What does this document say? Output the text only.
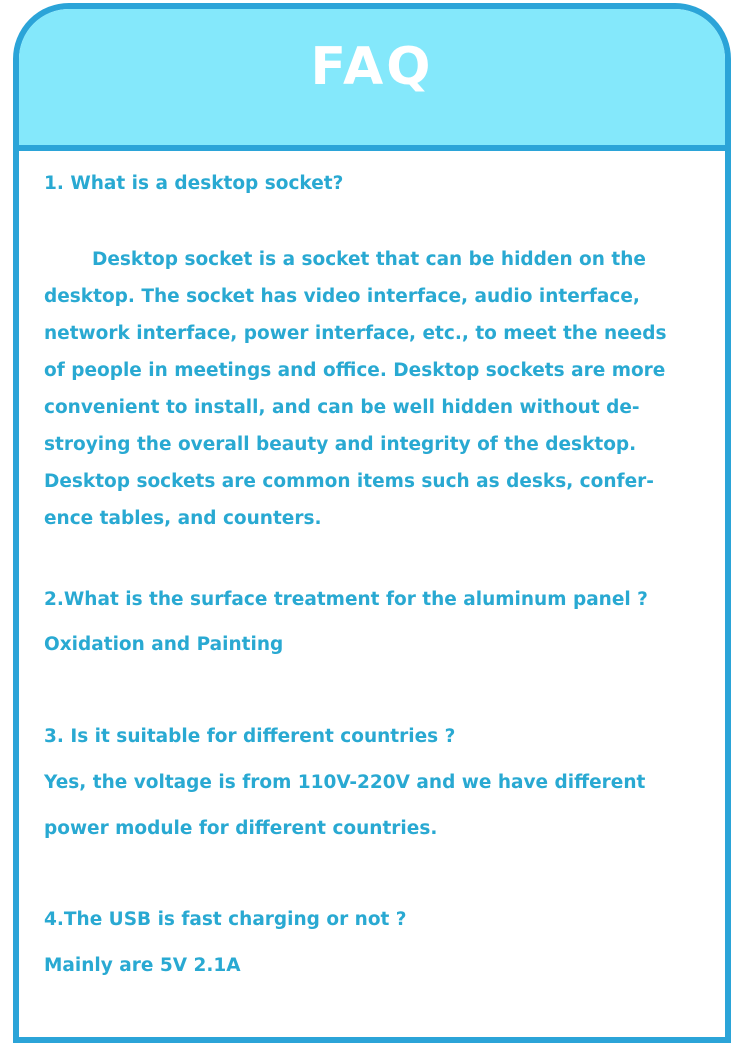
FAQ

1. What is a desktop socket?

Desktop socket is a socket that can be hidden on the
desktop. The socket has video interface, audio interface,
network interface, power interface, etc., to meet the needs
of people in meetings and office. Desktop sockets are more
convenient to install, and can be well hidden without de-
stroying the overall beauty and integrity of the desktop.
Desktop sockets are common items such as desks, confer-
ence tables, and counters.

2.What is the surface treatment for the aluminum panel ?

Oxidation and Painting

3. Is it suitable for different countries ?

Yes, the voltage is from 110V-220V and we have different

power module for different countries.

4.The USB is fast charging or not ?

Mainly are 5V 2.1A
